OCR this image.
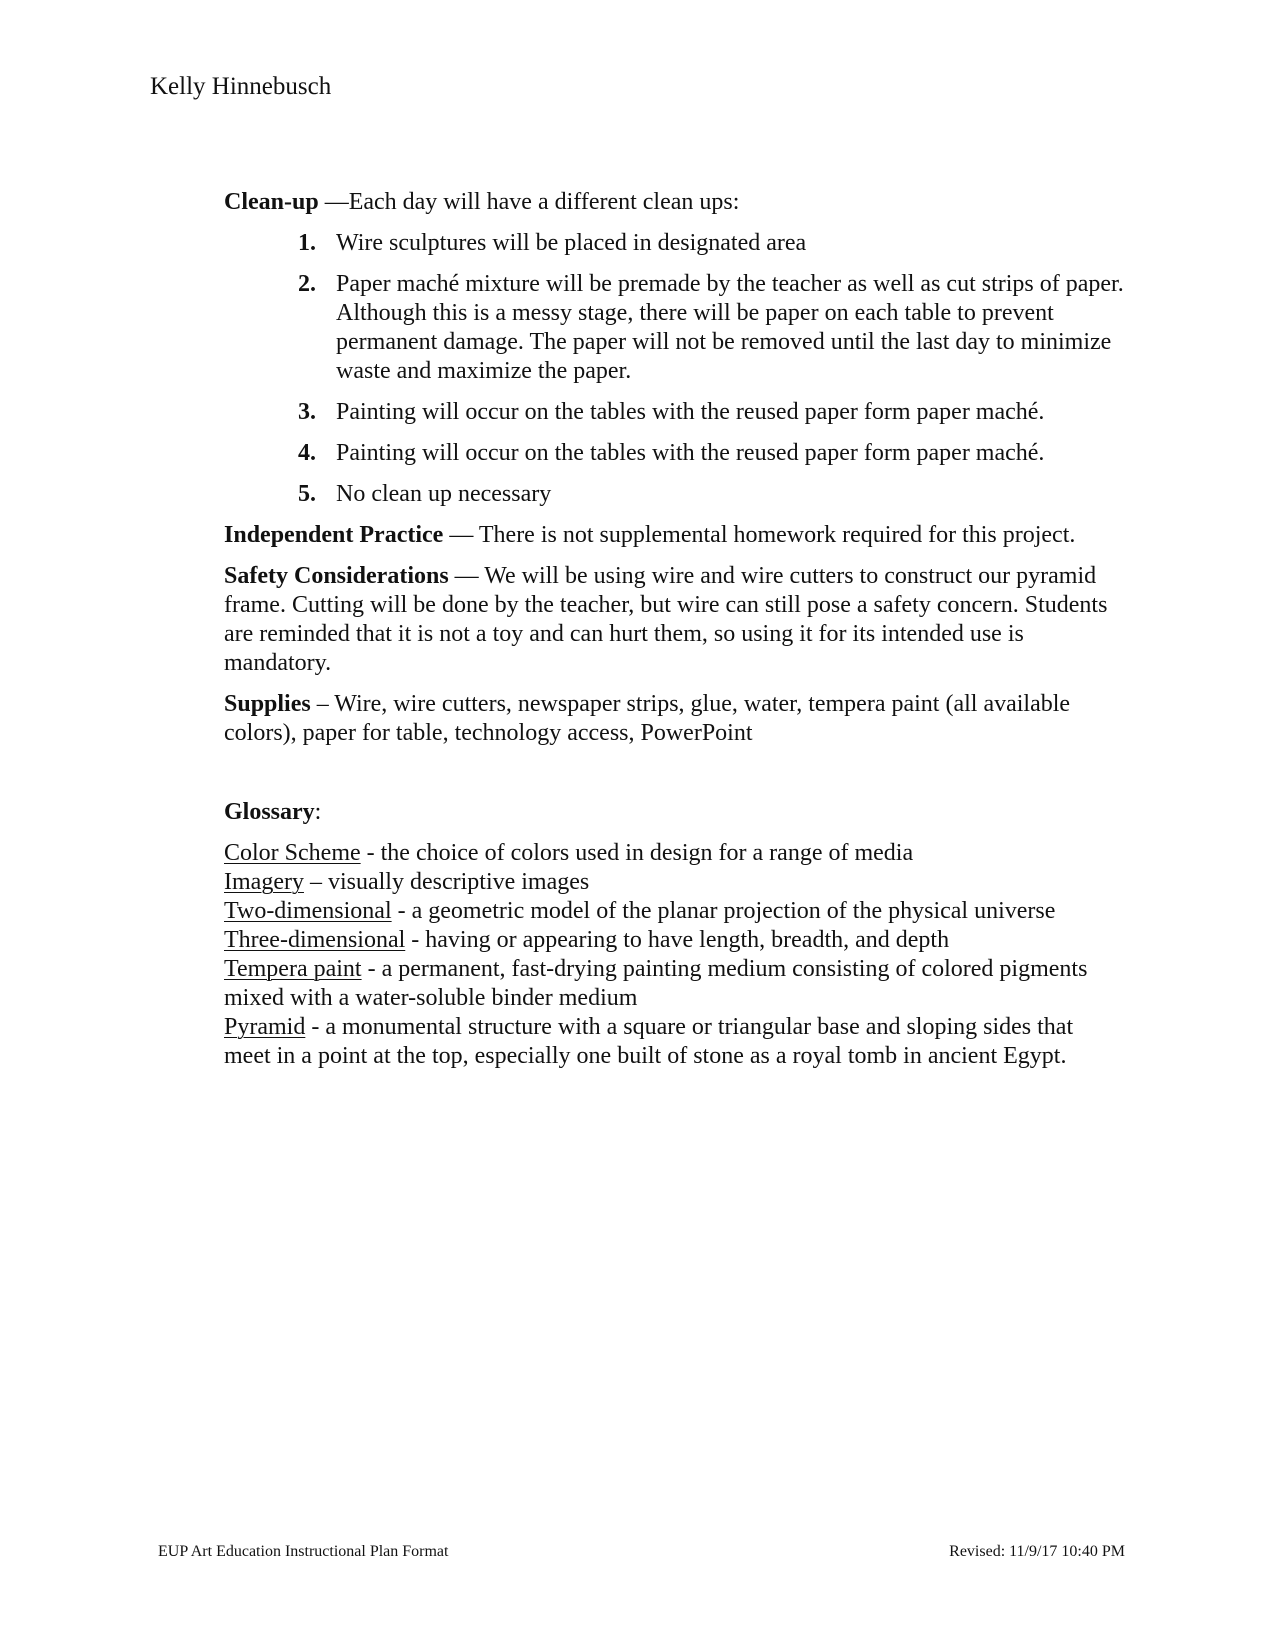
Kelly Hinnebusch

Clean-up —Each day will have a different clean ups:

1. Wire sculptures will be placed in designated area
2. Paper maché mixture will be premade by the teacher as well as cut strips of paper. Although this is a messy stage, there will be paper on each table to prevent permanent damage. The paper will not be removed until the last day to minimize waste and maximize the paper.
3. Painting will occur on the tables with the reused paper form paper maché.
4. Painting will occur on the tables with the reused paper form paper maché.
5. No clean up necessary

Independent Practice — There is not supplemental homework required for this project.

Safety Considerations — We will be using wire and wire cutters to construct our pyramid frame. Cutting will be done by the teacher, but wire can still pose a safety concern. Students are reminded that it is not a toy and can hurt them, so using it for its intended use is mandatory.

Supplies – Wire, wire cutters, newspaper strips, glue, water, tempera paint (all available colors), paper for table, technology access, PowerPoint

Glossary:

Color Scheme - the choice of colors used in design for a range of media

Imagery – visually descriptive images

Two-dimensional - a geometric model of the planar projection of the physical universe

Three-dimensional - having or appearing to have length, breadth, and depth

Tempera paint - a permanent, fast-drying painting medium consisting of colored pigments mixed with a water-soluble binder medium

Pyramid - a monumental structure with a square or triangular base and sloping sides that meet in a point at the top, especially one built of stone as a royal tomb in ancient Egypt.

EUP Art Education Instructional Plan Format	Revised: 11/9/17 10:40 PM
